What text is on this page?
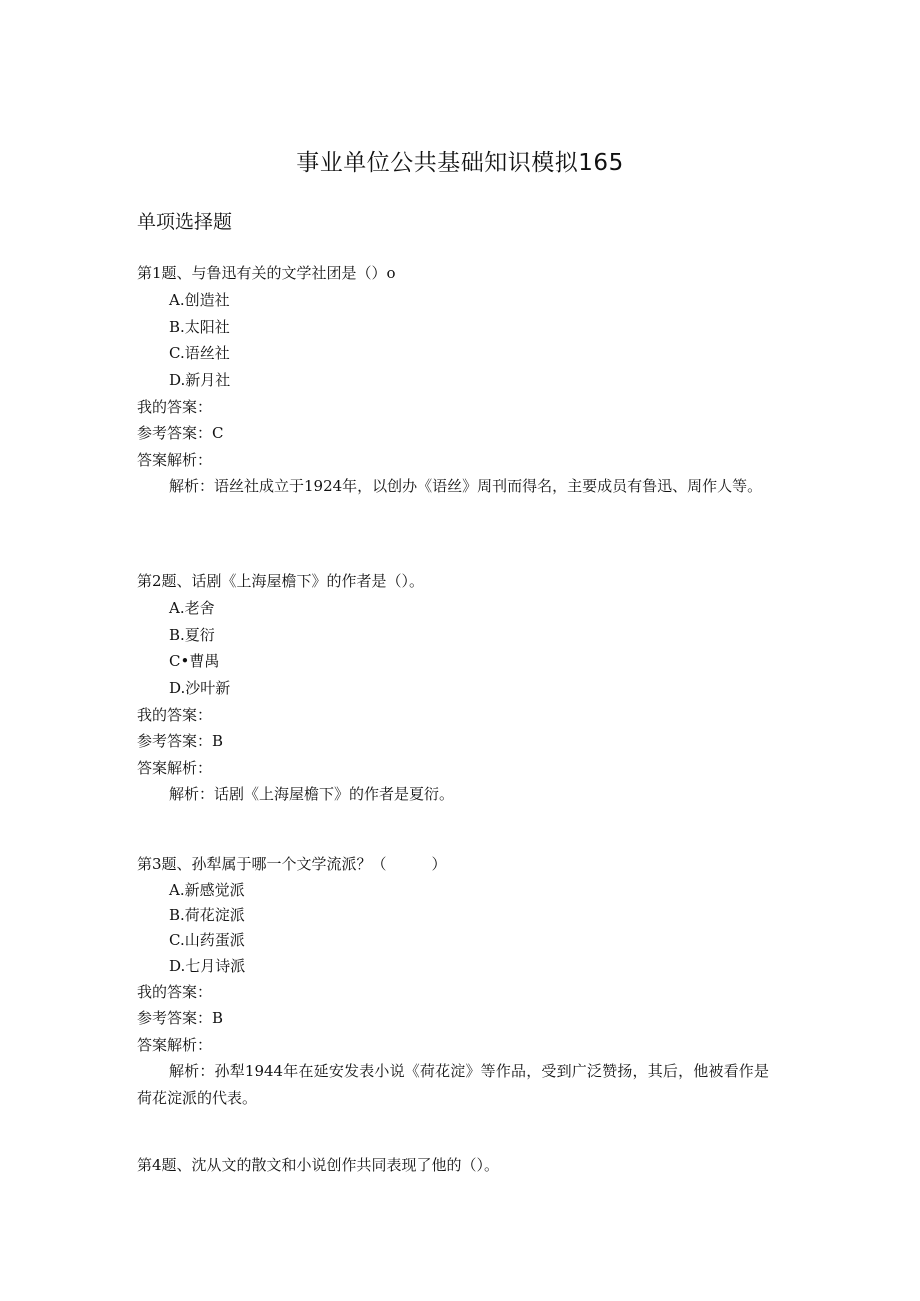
事业单位公共基础知识模拟165
单项选择题
第1题、与鲁迅有关的文学社团是（）o
A.创造社
B.太阳社
C.语丝社
D.新月社
我的答案：
参考答案：C
答案解析：
解析：语丝社成立于1924年，以创办《语丝》周刊而得名，主要成员有鲁迅、周作人等。
第2题、话剧《上海屋檐下》的作者是（）。
A.老舍
B.夏衍
C•曹禺
D.沙叶新
我的答案：
参考答案：B
答案解析：
解析：话剧《上海屋檐下》的作者是夏衍。
第3题、孙犁属于哪一个文学流派？（　　　）
A.新感觉派
B.荷花淀派
C.山药蛋派
D.七月诗派
我的答案：
参考答案：B
答案解析：
解析：孙犁1944年在延安发表小说《荷花淀》等作品，受到广泛赞扬，其后，他被看作是荷花淀派的代表。
第4题、沈从文的散文和小说创作共同表现了他的（）。
